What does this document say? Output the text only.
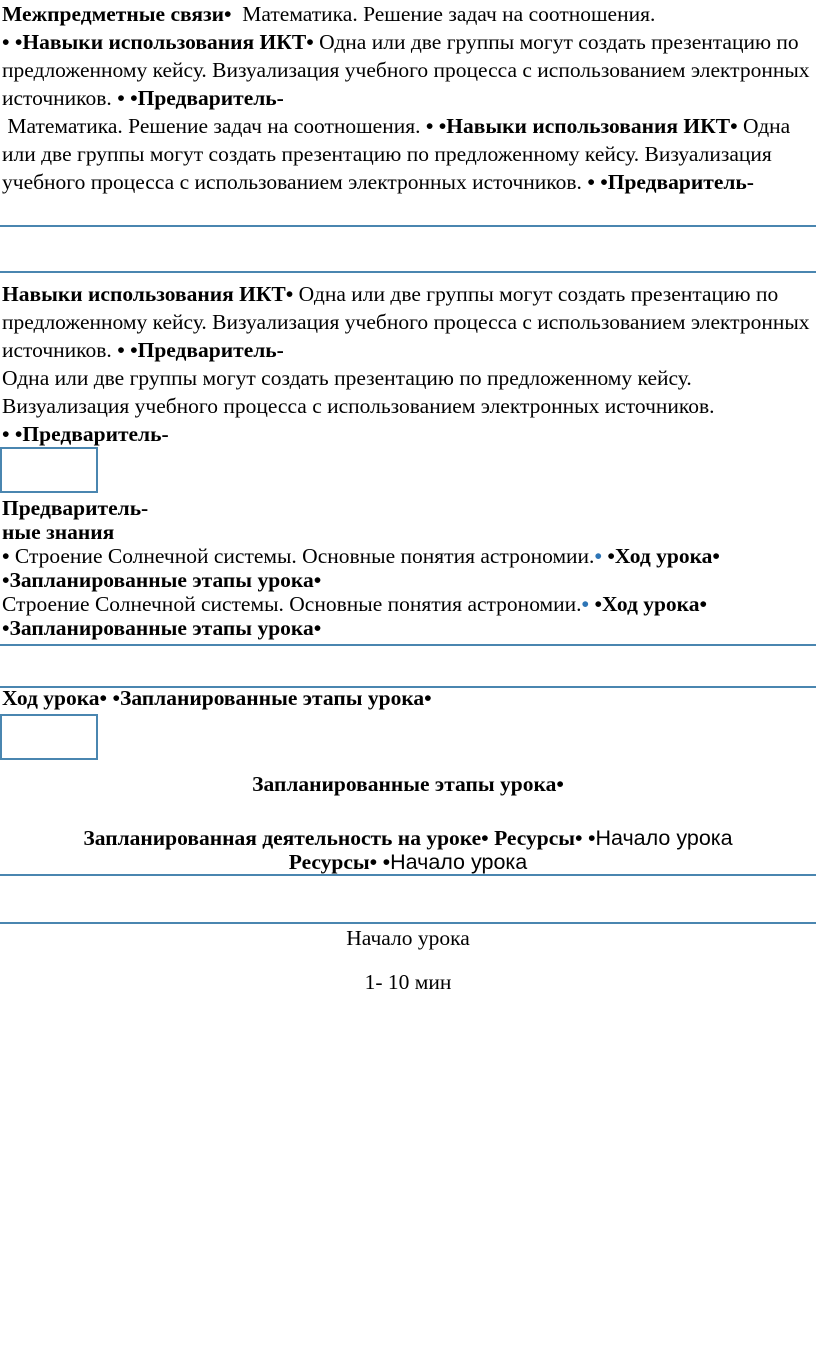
Межпредметные связи• Математика. Решение задач на соотношения.
• •Навыки использования ИКТ• Одна или две группы могут создать презентацию по предложенному кейсу. Визуализация учебного процесса с использованием электронных источников. • •Предваритель-
Математика. Решение задач на соотношения. • •Навыки использования ИКТ• Одна или две группы могут создать презентацию по предложенному кейсу. Визуализация учебного процесса с использованием электронных источников. • •Предваритель-

Навыки использования ИКТ• Одна или две группы могут создать презентацию по предложенному кейсу. Визуализация учебного процесса с использованием электронных источников. • •Предваритель-
Одна или две группы могут создать презентацию по предложенному кейсу. Визуализация учебного процесса с использованием электронных источников.
• •Предваритель-

Предваритель-
ные знания

• Строение Солнечной системы. Основные понятия астрономии.• •Ход урока• •Запланированные этапы урока•
Строение Солнечной системы. Основные понятия астрономии.• •Ход урока• •Запланированные этапы урока•

Ход урока• •Запланированные этапы урока•

Запланированные этапы урока•

Запланированная деятельность на уроке• Ресурсы• •Начало урока
Ресурсы• •Начало урока

Начало урока

1- 10 мин
